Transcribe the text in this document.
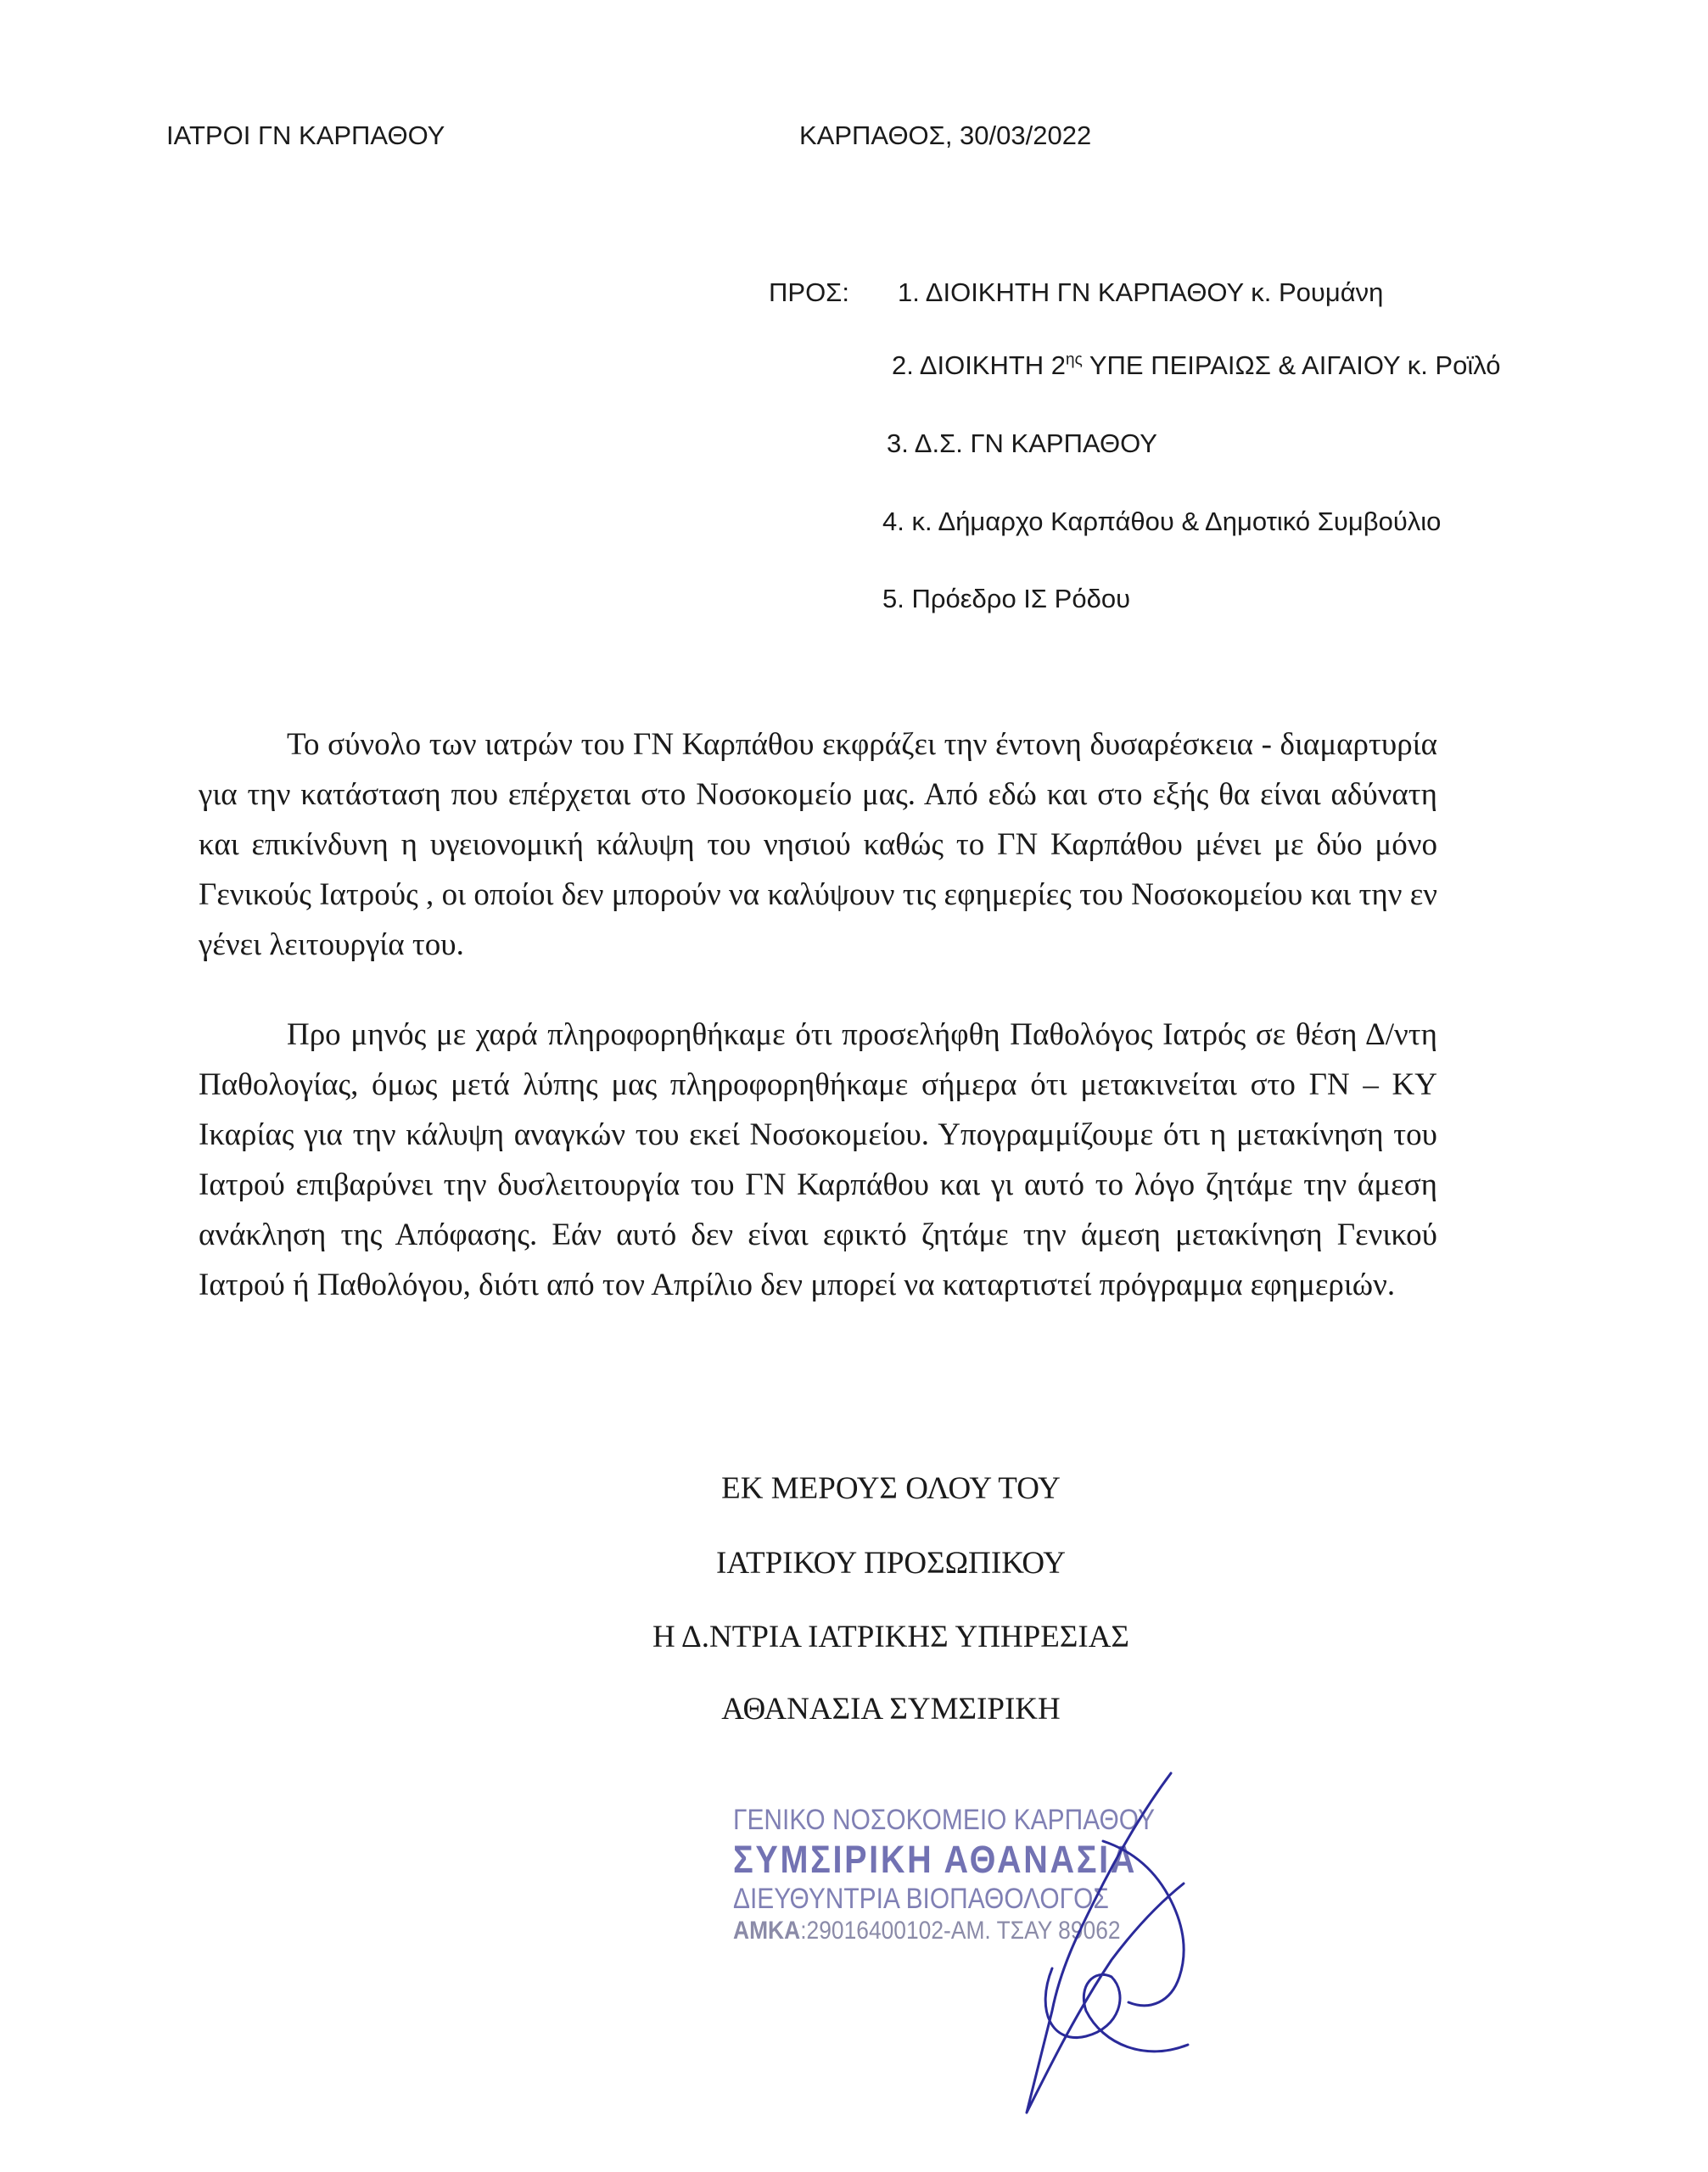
ΙΑΤΡΟΙ ΓΝ ΚΑΡΠΑΘΟΥ	ΚΑΡΠΑΘΟΣ, 30/03/2022
ΠΡΟΣ: 1. ΔΙΟΙΚΗΤΗ ΓΝ ΚΑΡΠΑΘΟΥ κ. Ρουμάνη
2. ΔΙΟΙΚΗΤΗ $2^{\eta\varsigma}$ ΥΠΕ ΠΕΙΡΑΙΩΣ & ΑΙΓΑΙΟΥ κ. Ροϊλό
3. Δ.Σ. ΓΝ ΚΑΡΠΑΘΟΥ
4. κ. Δήμαρχο Καρπάθου & Δημοτικό Συμβούλιο
5. Πρόεδρο ΙΣ Ρόδου

Το σύνολο των ιατρών του ΓΝ Καρπάθου εκφράζει την έντονη δυσαρέσκεια - διαμαρτυρία για την κατάσταση που επέρχεται στο Νοσοκομείο μας. Από εδώ και στο εξής θα είναι αδύνατη και επικίνδυνη η υγειονομική κάλυψη του νησιού καθώς το ΓΝ Καρπάθου μένει με δύο μόνο Γενικούς Ιατρούς , οι οποίοι δεν μπορούν να καλύψουν τις εφημερίες του Νοσοκομείου και την εν γένει λειτουργία του.

Προ μηνός με χαρά πληροφορηθήκαμε ότι προσελήφθη Παθολόγος Ιατρός σε θέση Δ/ντη Παθολογίας, όμως μετά λύπης μας πληροφορηθήκαμε σήμερα ότι μετακινείται στο ΓΝ – ΚΥ Ικαρίας για την κάλυψη αναγκών του εκεί Νοσοκομείου. Υπογραμμίζουμε ότι η μετακίνηση του Ιατρού επιβαρύνει την δυσλειτουργία του ΓΝ Καρπάθου και γι αυτό το λόγο ζητάμε την άμεση ανάκληση της Απόφασης. Εάν αυτό δεν είναι εφικτό ζητάμε την άμεση μετακίνηση Γενικού Ιατρού ή Παθολόγου, διότι από τον Απρίλιο δεν μπορεί να καταρτιστεί πρόγραμμα εφημεριών.

ΕΚ ΜΕΡΟΥΣ ΟΛΟΥ ΤΟΥ
ΙΑΤΡΙΚΟΥ ΠΡΟΣΩΠΙΚΟΥ
Η Δ.ΝΤΡΙΑ ΙΑΤΡΙΚΗΣ ΥΠΗΡΕΣΙΑΣ
ΑΘΑΝΑΣΙΑ ΣΥΜΣΙΡΙΚΗ
ΓΕΝΙΚΟ ΝΟΣΟΚΟΜΕΙΟ ΚΑΡΠΑΘΟΥ
ΣΥΜΣΙΡΙΚΗ ΑΘΑΝΑΣΙΑ
ΔΙΕΥΘΥΝΤΡΙΑ ΒΙΟΠΑΘΟΛΟΓΟΣ
ΑΜΚΑ:29016400102-ΑΜ. ΤΣΑΥ 89062
